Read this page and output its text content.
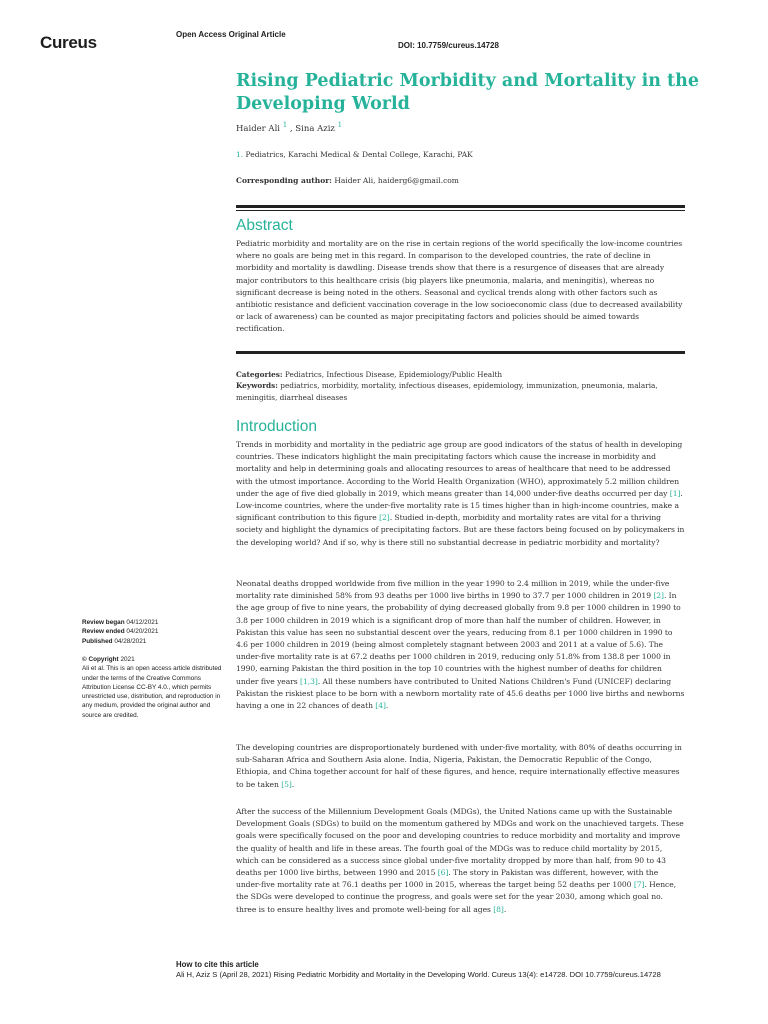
Cureus	Open Access Original Article
DOI: 10.7759/cureus.14728
Rising Pediatric Morbidity and Mortality in the Developing World
Haider Ali $^1$ , Sina Aziz $^1$
1. Pediatrics, Karachi Medical & Dental College, Karachi, PAK
Corresponding author: Haider Ali, haiderg6@gmail.com
Abstract

Pediatric morbidity and mortality are on the rise in certain regions of the world specifically the low-income countries where no goals are being met in this regard. In comparison to the developed countries, the rate of decline in morbidity and mortality is dawdling. Disease trends show that there is a resurgence of diseases that are already major contributors to this healthcare crisis (big players like pneumonia, malaria, and meningitis), whereas no significant decrease is being noted in the others. Seasonal and cyclical trends along with other factors such as antibiotic resistance and deficient vaccination coverage in the low socioeconomic class (due to decreased availability or lack of awareness) can be counted as major precipitating factors and policies should be aimed towards rectification.

Categories: Pediatrics, Infectious Disease, Epidemiology/Public Health
Keywords: pediatrics, morbidity, mortality, infectious diseases, epidemiology, immunization, pneumonia, malaria, meningitis, diarrheal diseases
Introduction

Trends in morbidity and mortality in the pediatric age group are good indicators of the status of health in developing countries. These indicators highlight the main precipitating factors which cause the increase in morbidity and mortality and help in determining goals and allocating resources to areas of healthcare that need to be addressed with the utmost importance. According to the World Health Organization (WHO), approximately 5.2 million children under the age of five died globally in 2019, which means greater than 14,000 under-five deaths occurred per day [1]. Low-income countries, where the under-five mortality rate is 15 times higher than in high-income countries, make a significant contribution to this figure [2]. Studied in-depth, morbidity and mortality rates are vital for a thriving society and highlight the dynamics of precipitating factors. But are these factors being focused on by policymakers in the developing world? And if so, why is there still no substantial decrease in pediatric morbidity and mortality?

Neonatal deaths dropped worldwide from five million in the year 1990 to 2.4 million in 2019, while the under-five mortality rate diminished 58% from 93 deaths per 1000 live births in 1990 to 37.7 per 1000 children in 2019 [2]. In the age group of five to nine years, the probability of dying decreased globally from 9.8 per 1000 children in 1990 to 3.8 per 1000 children in 2019 which is a significant drop of more than half the number of children. However, in Pakistan this value has seen no substantial descent over the years, reducing from 8.1 per 1000 children in 1990 to 4.6 per 1000 children in 2019 (being almost completely stagnant between 2003 and 2011 at a value of 5.6). The under-five mortality rate is at 67.2 deaths per 1000 children in 2019, reducing only 51.8% from 138.8 per 1000 in 1990, earning Pakistan the third position in the top 10 countries with the highest number of deaths for children under five years [1,3]. All these numbers have contributed to United Nations Children's Fund (UNICEF) declaring Pakistan the riskiest place to be born with a newborn mortality rate of 45.6 deaths per 1000 live births and newborns having a one in 22 chances of death [4].

The developing countries are disproportionately burdened with under-five mortality, with 80% of deaths occurring in sub-Saharan Africa and Southern Asia alone. India, Nigeria, Pakistan, the Democratic Republic of the Congo, Ethiopia, and China together account for half of these figures, and hence, require internationally effective measures to be taken [5].

After the success of the Millennium Development Goals (MDGs), the United Nations came up with the Sustainable Development Goals (SDGs) to build on the momentum gathered by MDGs and work on the unachieved targets. These goals were specifically focused on the poor and developing countries to reduce morbidity and mortality and improve the quality of health and life in these areas. The fourth goal of the MDGs was to reduce child mortality by 2015, which can be considered as a success since global under-five mortality dropped by more than half, from 90 to 43 deaths per 1000 live births, between 1990 and 2015 [6]. The story in Pakistan was different, however, with the under-five mortality rate at 76.1 deaths per 1000 in 2015, whereas the target being 52 deaths per 1000 [7]. Hence, the SDGs were developed to continue the progress, and goals were set for the year 2030, among which goal no. three is to ensure healthy lives and promote well-being for all ages [8].

Review began 04/12/2021
Review ended 04/20/2021
Published 04/28/2021
© Copyright 2021
Ali et al. This is an open access article distributed under the terms of the Creative Commons Attribution License CC-BY 4.0., which permits unrestricted use, distribution, and reproduction in any medium, provided the original author and source are credited.
How to cite this article
Ali H, Aziz S (April 28, 2021) Rising Pediatric Morbidity and Mortality in the Developing World. Cureus 13(4): e14728. DOI 10.7759/cureus.14728
